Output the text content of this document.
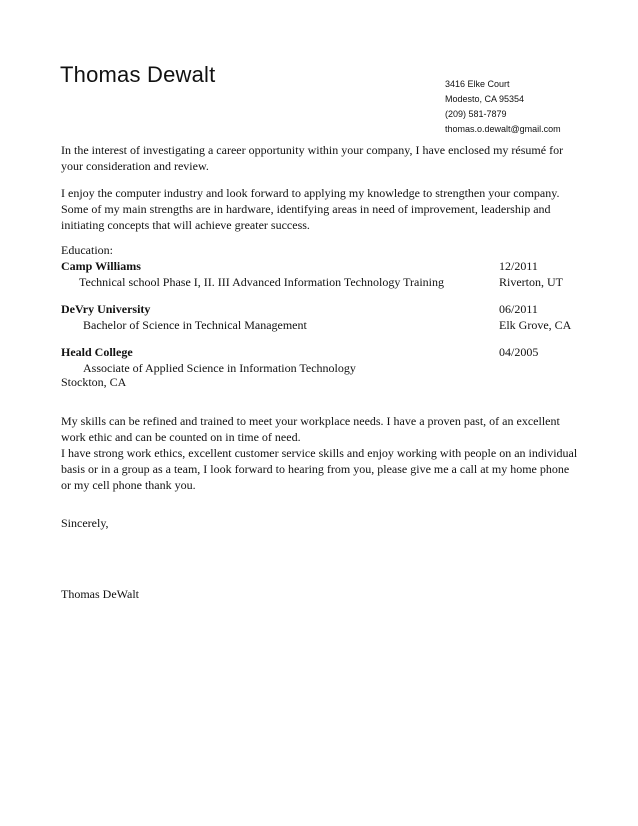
Thomas Dewalt	3416 Elke Court
Modesto, CA 95354
(209) 581-7879
thomas.o.dewalt@gmail.com

In the interest of investigating a career opportunity within your company, I have enclosed my résumé for your consideration and review.

I enjoy the computer industry and look forward to applying my knowledge to strengthen your company. Some of my main strengths are in hardware, identifying areas in need of improvement, leadership and initiating concepts that will achieve greater success.

Education:
Camp Williams	12/2011
Technical school Phase I, II. III Advanced Information Technology Training	Riverton, UT
DeVry University	06/2011
Bachelor of Science in Technical Management	Elk Grove, CA
Heald College	04/2005
Associate of Applied Science in Information Technology
Stockton, CA
My skills can be refined and trained to meet your workplace needs. I have a proven past, of an excellent work ethic and can be counted on in time of need.
I have strong work ethics, excellent customer service skills and enjoy working with people on an individual basis or in a group as a team, I look forward to hearing from you, please give me a call at my home phone or my cell phone thank you.
Sincerely,
Thomas DeWalt
